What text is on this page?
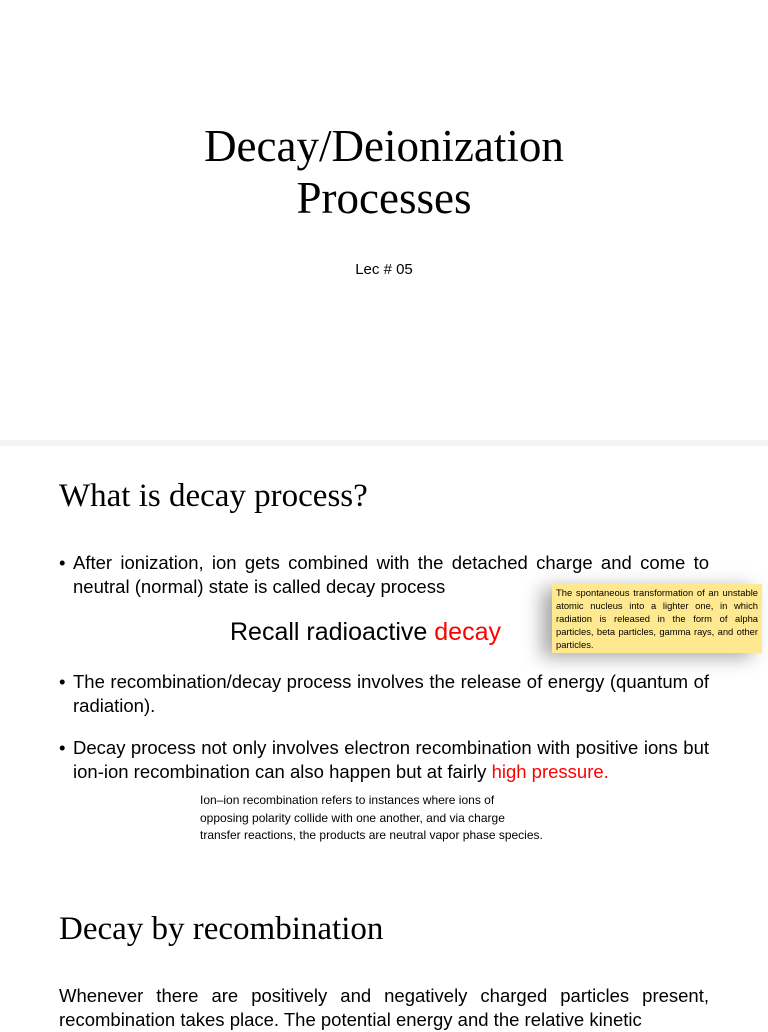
Decay/Deionization
Processes
Lec # 05
What is decay process?
• After ionization, ion gets combined with the detached charge and come to neutral (normal) state is called decay process	The spontaneous transformation of an unstable atomic nucleus into a lighter one, in which radiation is released in the form of alpha particles, beta particles, gamma rays, and other particles.
Recall radioactive decay
• The recombination/decay process involves the release of energy (quantum of radiation).
• Decay process not only involves electron recombination with positive ions but ion-ion recombination can also happen but at fairly high pressure.
Ion–ion recombination refers to instances where ions of
opposing polarity collide with one another, and via charge
transfer reactions, the products are neutral vapor phase species.
Decay by recombination
Whenever there are positively and negatively charged particles present, recombination takes place. The potential energy and the relative kinetic
